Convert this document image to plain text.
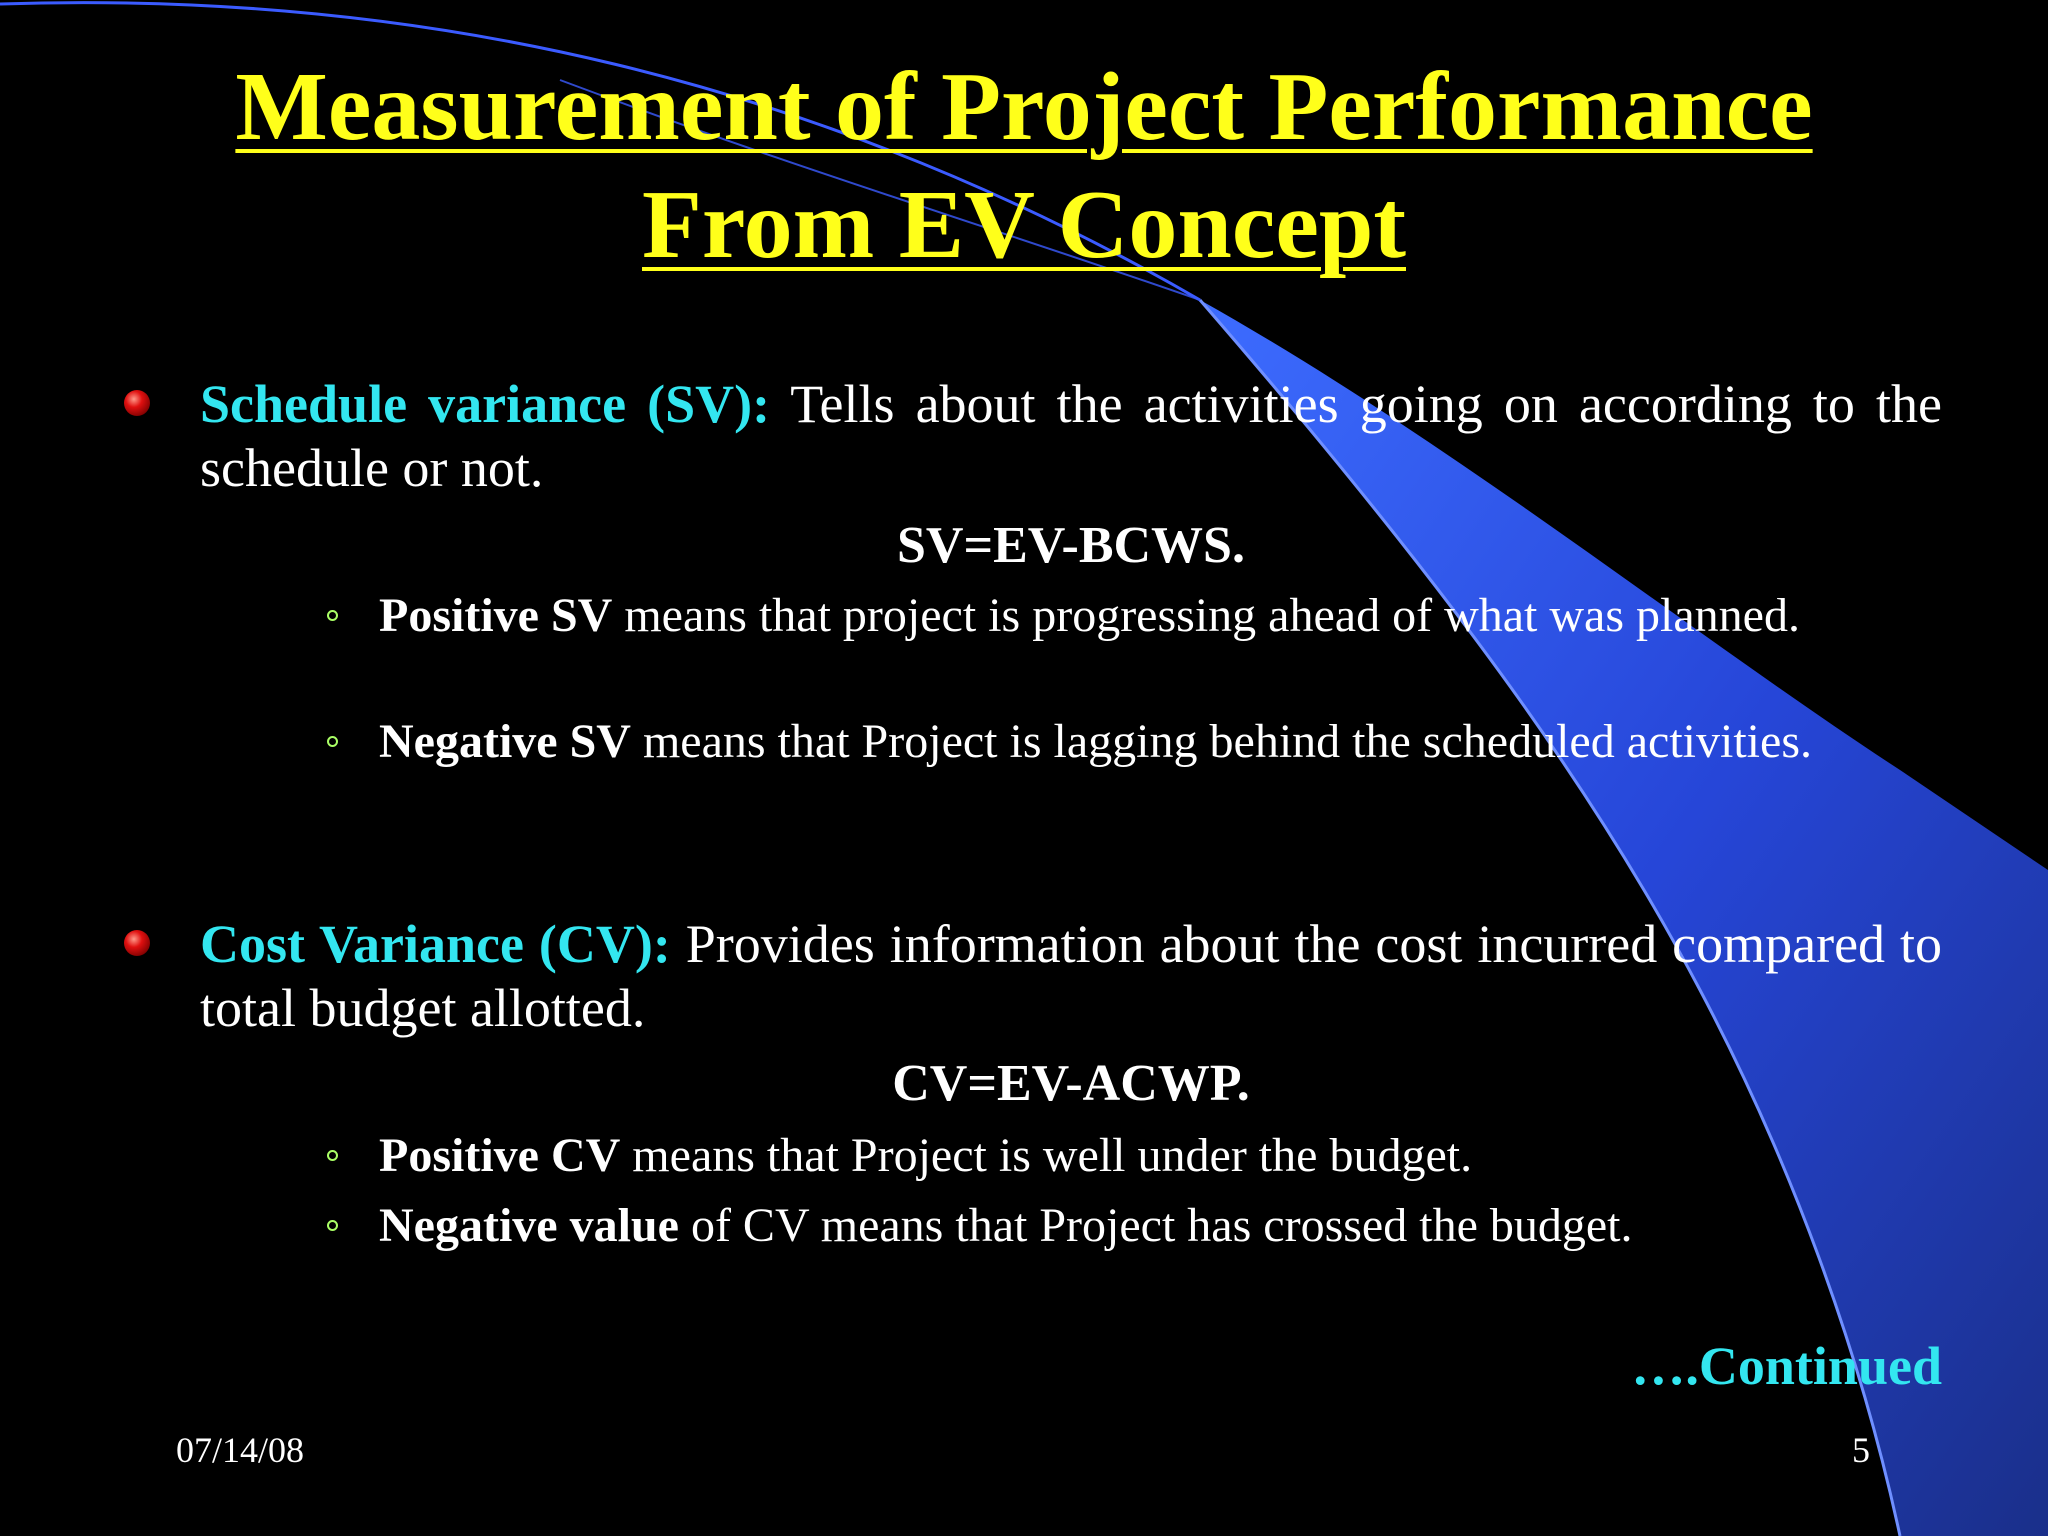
Measurement of Project Performance
From EV Concept
Schedule variance (SV): Tells about the activities going on according to the schedule or not.
SV=EV-BCWS.
Positive SV means that project is progressing ahead of what was planned.
Negative SV means that Project is lagging behind the scheduled activities.
Cost Variance (CV): Provides information about the cost incurred compared to total budget allotted.
CV=EV-ACWP.
Positive CV means that Project is well under the budget.
Negative value of CV means that Project has crossed the budget.
….Continued
07/14/08	5
